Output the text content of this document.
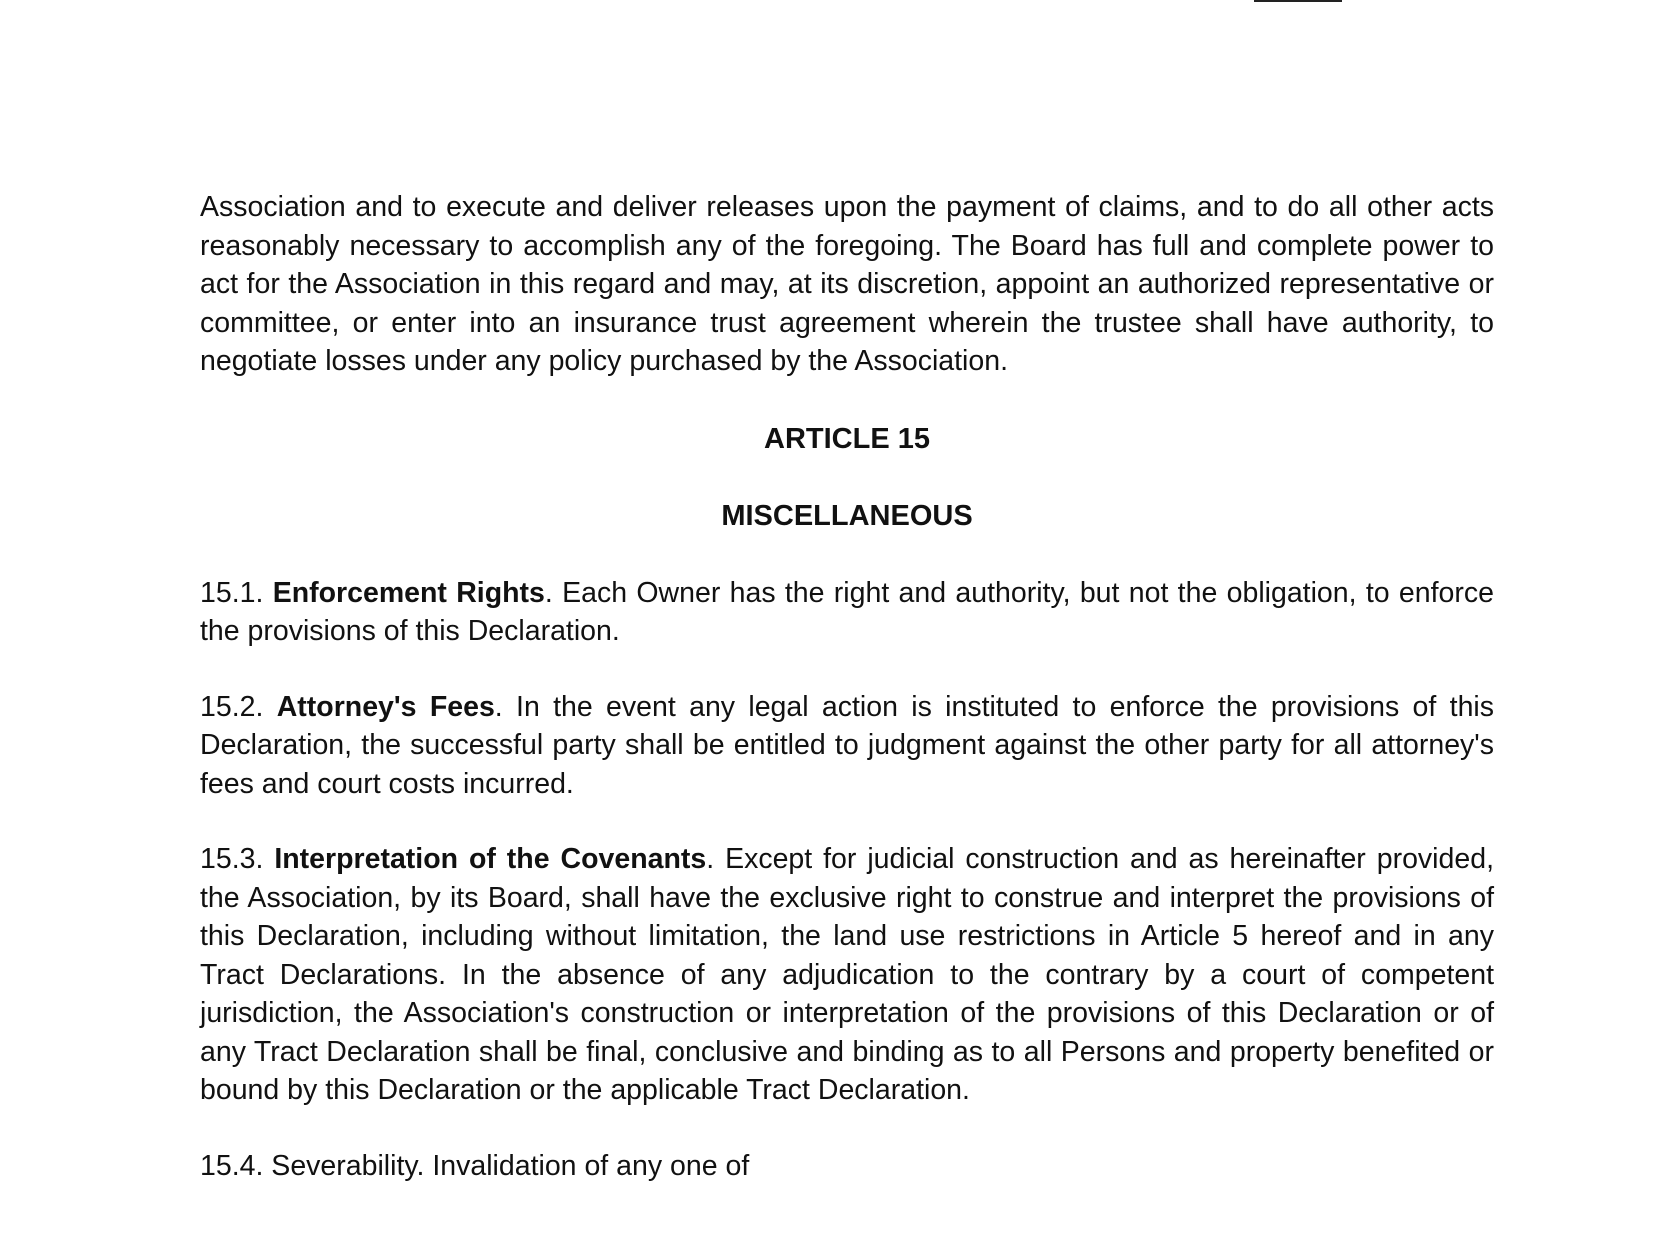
Association and to execute and deliver releases upon the payment of claims, and to do all other acts reasonably necessary to accomplish any of the foregoing. The Board has full and complete power to act for the Association in this regard and may, at its discretion, appoint an authorized representative or committee, or enter into an insurance trust agreement wherein the trustee shall have authority, to negotiate losses under any policy purchased by the Association.

ARTICLE 15

MISCELLANEOUS

15.1. Enforcement Rights. Each Owner has the right and authority, but not the obligation, to enforce the provisions of this Declaration.

15.2. Attorney's Fees. In the event any legal action is instituted to enforce the provisions of this Declaration, the successful party shall be entitled to judgment against the other party for all attorney's fees and court costs incurred.

15.3. Interpretation of the Covenants. Except for judicial construction and as hereinafter provided, the Association, by its Board, shall have the exclusive right to construe and interpret the provisions of this Declaration, including without limitation, the land use restrictions in Article 5 hereof and in any Tract Declarations. In the absence of any adjudication to the contrary by a court of competent jurisdiction, the Association's construction or interpretation of the provisions of this Declaration or of any Tract Declaration shall be final, conclusive and binding as to all Persons and property benefited or bound by this Declaration or the applicable Tract Declaration.

15.4. Severability. Invalidation of any one of
